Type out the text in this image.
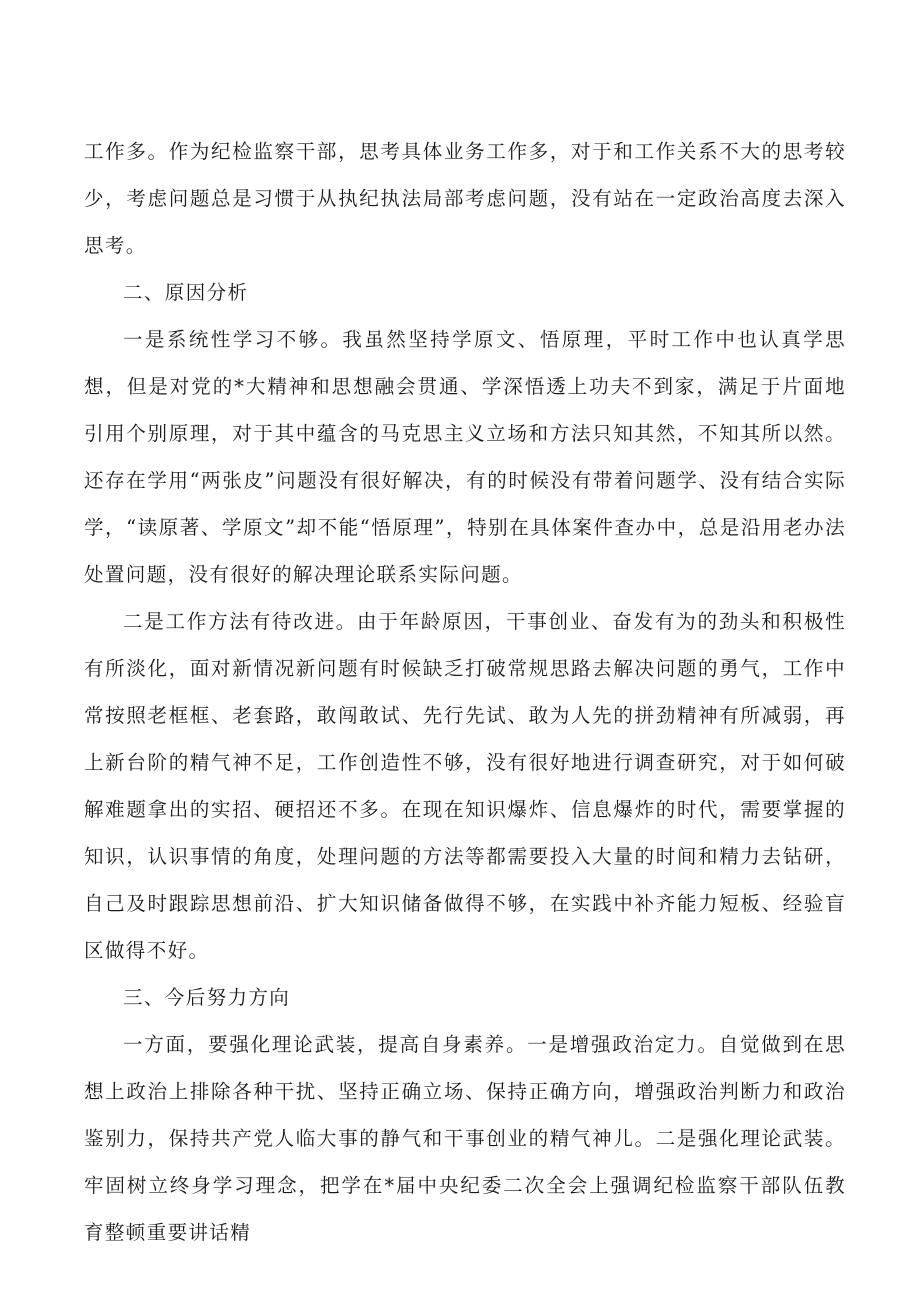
工作多。作为纪检监察干部，思考具体业务工作多，对于和工作关系不大的思考较少，考虑问题总是习惯于从执纪执法局部考虑问题，没有站在一定政治高度去深入思考。

二、原因分析

一是系统性学习不够。我虽然坚持学原文、悟原理，平时工作中也认真学思想，但是对党的*大精神和思想融会贯通、学深悟透上功夫不到家，满足于片面地引用个别原理，对于其中蕴含的马克思主义立场和方法只知其然，不知其所以然。还存在学用“两张皮”问题没有很好解决，有的时候没有带着问题学、没有结合实际学，“读原著、学原文”却不能“悟原理”，特别在具体案件查办中，总是沿用老办法处置问题，没有很好的解决理论联系实际问题。

二是工作方法有待改进。由于年龄原因，干事创业、奋发有为的劲头和积极性有所淡化，面对新情况新问题有时候缺乏打破常规思路去解决问题的勇气，工作中常按照老框框、老套路，敢闯敢试、先行先试、敢为人先的拼劲精神有所减弱，再上新台阶的精气神不足，工作创造性不够，没有很好地进行调查研究，对于如何破解难题拿出的实招、硬招还不多。在现在知识爆炸、信息爆炸的时代，需要掌握的知识，认识事情的角度，处理问题的方法等都需要投入大量的时间和精力去钻研，自己及时跟踪思想前沿、扩大知识储备做得不够，在实践中补齐能力短板、经验盲区做得不好。

三、今后努力方向

一方面，要强化理论武装，提高自身素养。一是增强政治定力。自觉做到在思想上政治上排除各种干扰、坚持正确立场、保持正确方向，增强政治判断力和政治鉴别力，保持共产党人临大事的静气和干事创业的精气神儿。二是强化理论武装。牢固树立终身学习理念，把学在*届中央纪委二次全会上强调纪检监察干部队伍教育整顿重要讲话精
